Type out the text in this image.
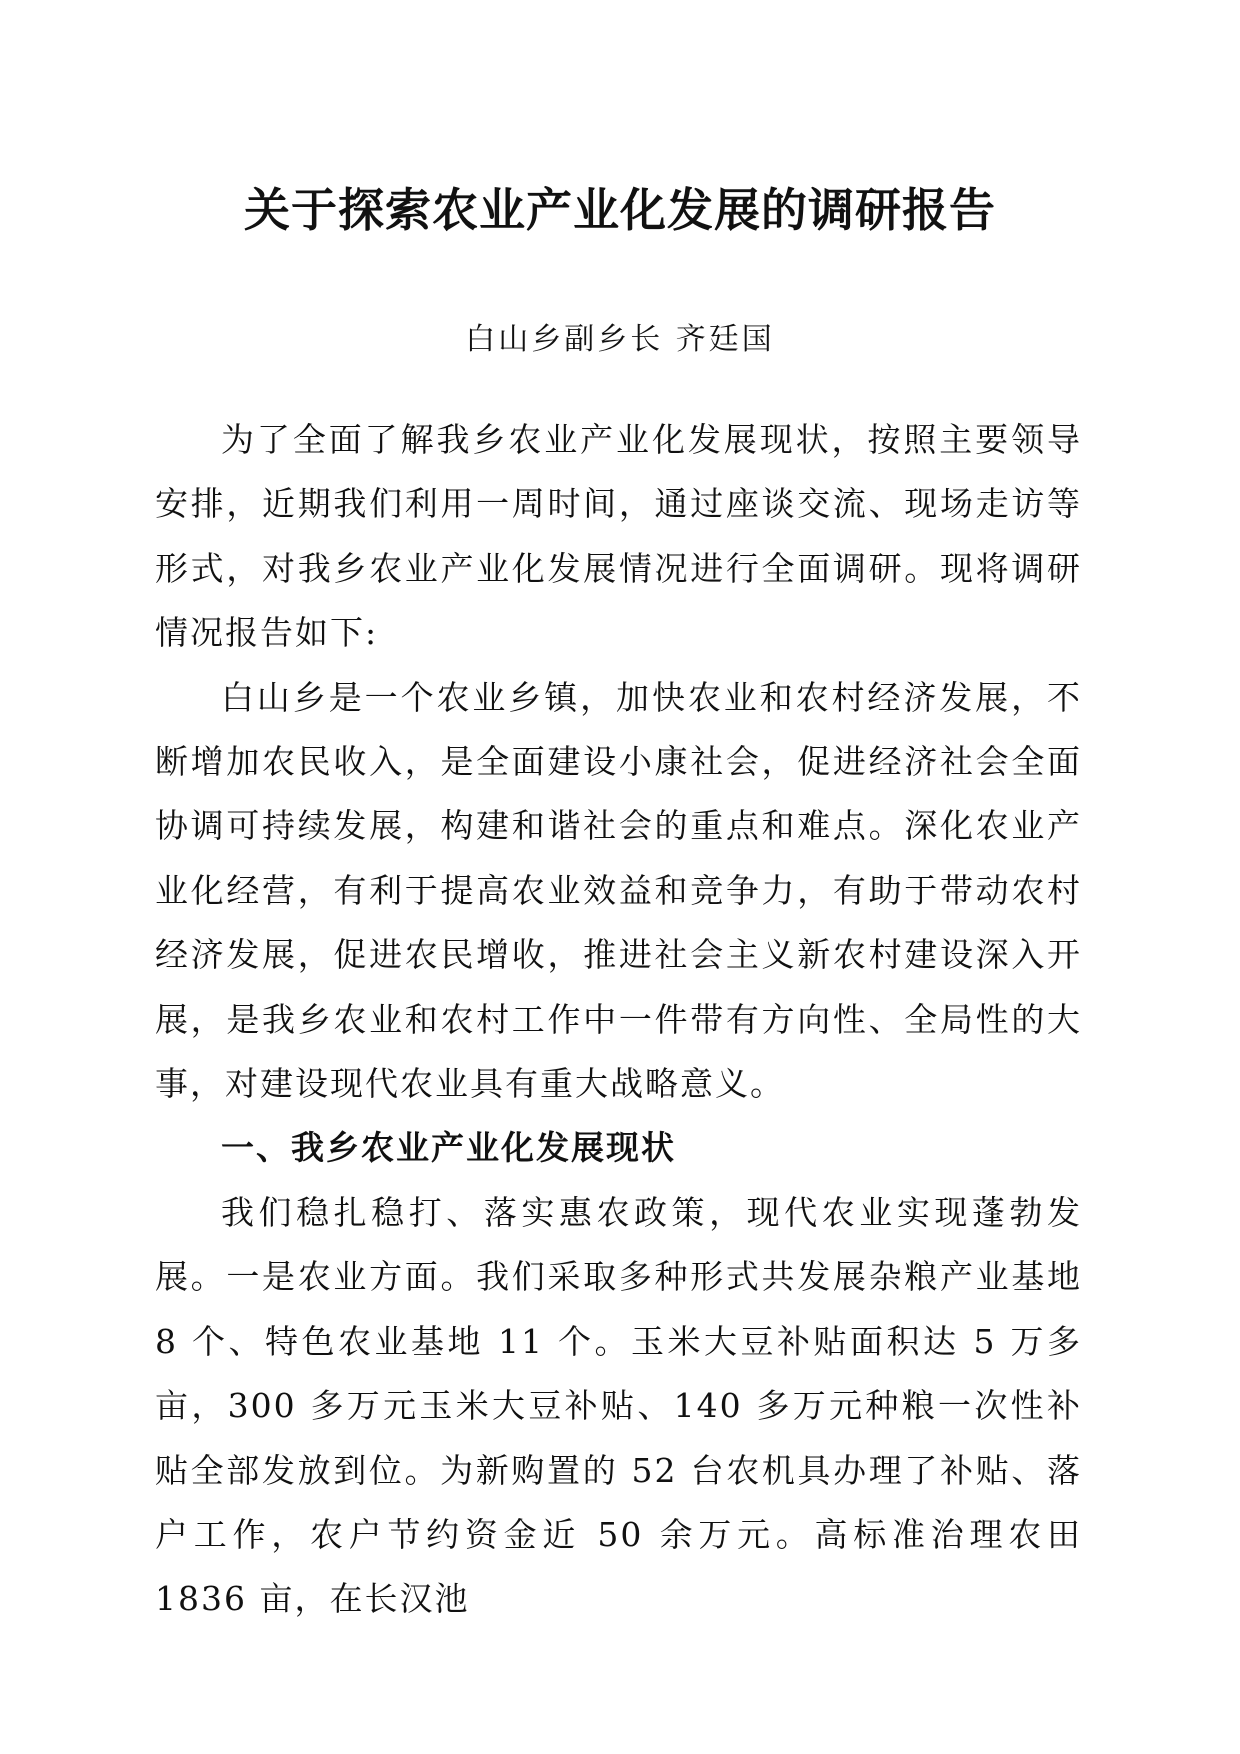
关于探索农业产业化发展的调研报告
白山乡副乡长 齐廷国

为了全面了解我乡农业产业化发展现状，按照主要领导安排，近期我们利用一周时间，通过座谈交流、现场走访等形式，对我乡农业产业化发展情况进行全面调研。现将调研情况报告如下:

白山乡是一个农业乡镇，加快农业和农村经济发展，不断增加农民收入，是全面建设小康社会，促进经济社会全面协调可持续发展，构建和谐社会的重点和难点。深化农业产业化经营，有利于提高农业效益和竞争力，有助于带动农村经济发展，促进农民增收，推进社会主义新农村建设深入开展，是我乡农业和农村工作中一件带有方向性、全局性的大事，对建设现代农业具有重大战略意义。

一、我乡农业产业化发展现状

我们稳扎稳打、落实惠农政策，现代农业实现蓬勃发展。一是农业方面。我们采取多种形式共发展杂粮产业基地 8 个、特色农业基地 11 个。玉米大豆补贴面积达 5 万多亩，300 多万元玉米大豆补贴、140 多万元种粮一次性补贴全部发放到位。为新购置的 52 台农机具办理了补贴、落户工作，农户节约资金近 50 余万元。高标准治理农田 1836 亩，在长汉池
